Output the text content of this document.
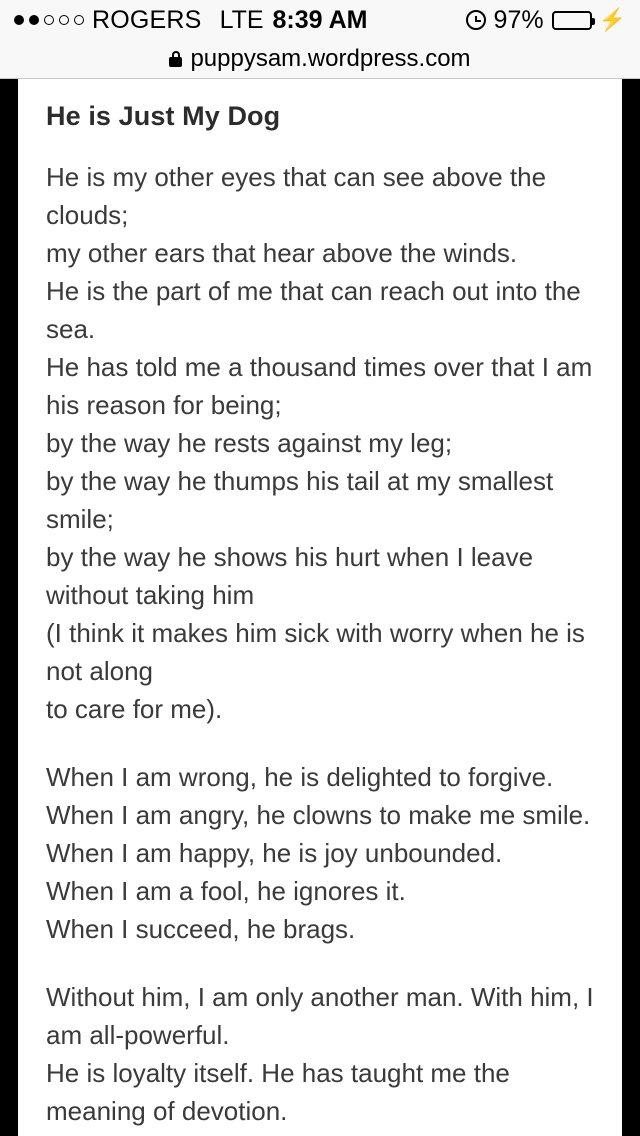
ROGERS LTE 8:39 AM	97%	⚡
puppysam.wordpress.com
He is Just My Dog

He is my other eyes that can see above the clouds;
my other ears that hear above the winds.
He is the part of me that can reach out into the sea.
He has told me a thousand times over that I am his reason for being;
by the way he rests against my leg;
by the way he thumps his tail at my smallest smile;
by the way he shows his hurt when I leave without taking him
(I think it makes him sick with worry when he is not along
to care for me).

When I am wrong, he is delighted to forgive.
When I am angry, he clowns to make me smile.
When I am happy, he is joy unbounded.
When I am a fool, he ignores it.
When I succeed, he brags.

Without him, I am only another man. With him, I am all-powerful.
He is loyalty itself. He has taught me the meaning of devotion.
